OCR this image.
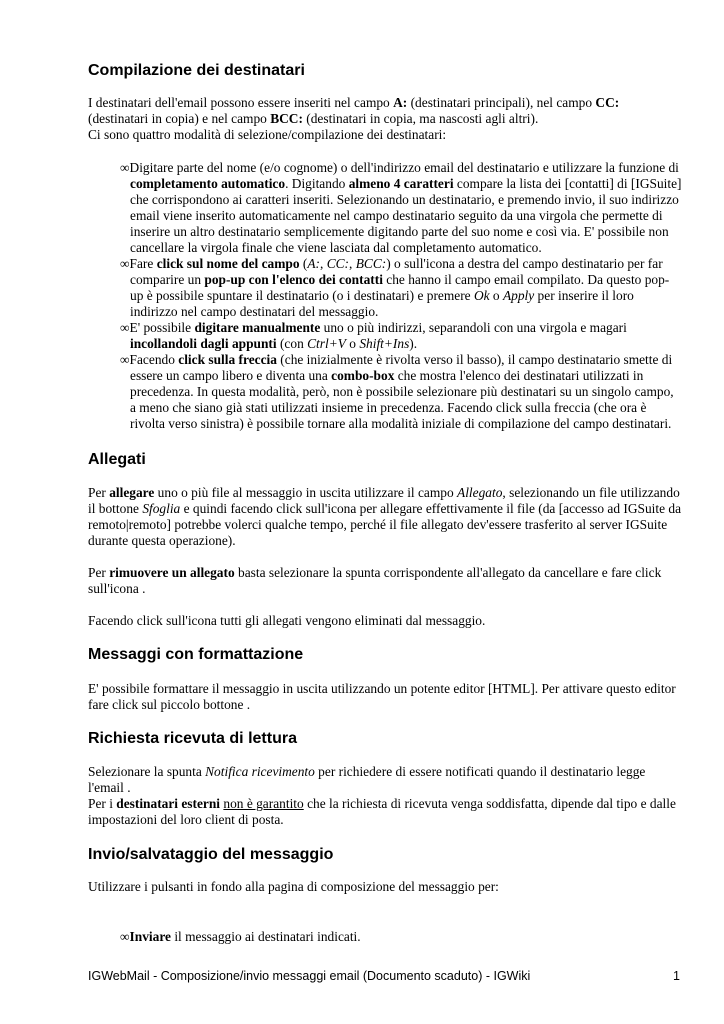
Compilazione dei destinatari

I destinatari dell'email possono essere inseriti nel campo A: (destinatari principali), nel campo CC: (destinatari in copia) e nel campo BCC: (destinatari in copia, ma nascosti agli altri).
Ci sono quattro modalità di selezione/compilazione dei destinatari:

∞Digitare parte del nome (e/o cognome) o dell'indirizzo email del destinatario e utilizzare la funzione di completamento automatico. Digitando almeno 4 caratteri compare la lista dei [contatti] di [IGSuite] che corrispondono ai caratteri inseriti. Selezionando un destinatario, e premendo invio, il suo indirizzo email viene inserito automaticamente nel campo destinatario seguito da una virgola che permette di inserire un altro destinatario semplicemente digitando parte del suo nome e così via. E' possibile non cancellare la virgola finale che viene lasciata dal completamento automatico.
∞Fare click sul nome del campo (A:, CC:, BCC:) o sull'icona a destra del campo destinatario per far comparire un pop-up con l'elenco dei contatti che hanno il campo email compilato. Da questo pop-up è possibile spuntare il destinatario (o i destinatari) e premere Ok o Apply per inserire il loro indirizzo nel campo destinatari del messaggio.
∞E' possibile digitare manualmente uno o più indirizzi, separandoli con una virgola e magari incollandoli dagli appunti (con Ctrl+V o Shift+Ins).
∞Facendo click sulla freccia (che inizialmente è rivolta verso il basso), il campo destinatario smette di essere un campo libero e diventa una combo-box che mostra l'elenco dei destinatari utilizzati in precedenza. In questa modalità, però, non è possibile selezionare più destinatari su un singolo campo, a meno che siano già stati utilizzati insieme in precedenza. Facendo click sulla freccia (che ora è rivolta verso sinistra) è possibile tornare alla modalità iniziale di compilazione del campo destinatari.
Allegati

Per allegare uno o più file al messaggio in uscita utilizzare il campo Allegato, selezionando un file utilizzando il bottone Sfoglia e quindi facendo click sull'icona per allegare effettivamente il file (da [accesso ad IGSuite da remoto|remoto] potrebbe volerci qualche tempo, perché il file allegato dev'essere trasferito al server IGSuite durante questa operazione).

Per rimuovere un allegato basta selezionare la spunta corrispondente all'allegato da cancellare e fare click sull'icona .

Facendo click sull'icona tutti gli allegati vengono eliminati dal messaggio.

Messaggi con formattazione

E' possibile formattare il messaggio in uscita utilizzando un potente editor [HTML]. Per attivare questo editor fare click sul piccolo bottone .

Richiesta ricevuta di lettura

Selezionare la spunta Notifica ricevimento per richiedere di essere notificati quando il destinatario legge l'email .
Per i destinatari esterni non è garantito che la richiesta di ricevuta venga soddisfatta, dipende dal tipo e dalle impostazioni del loro client di posta.

Invio/salvataggio del messaggio

Utilizzare i pulsanti in fondo alla pagina di composizione del messaggio per:

∞Inviare il messaggio ai destinatari indicati.
IGWebMail - Composizione/invio messaggi email (Documento scaduto) - IGWiki	1
